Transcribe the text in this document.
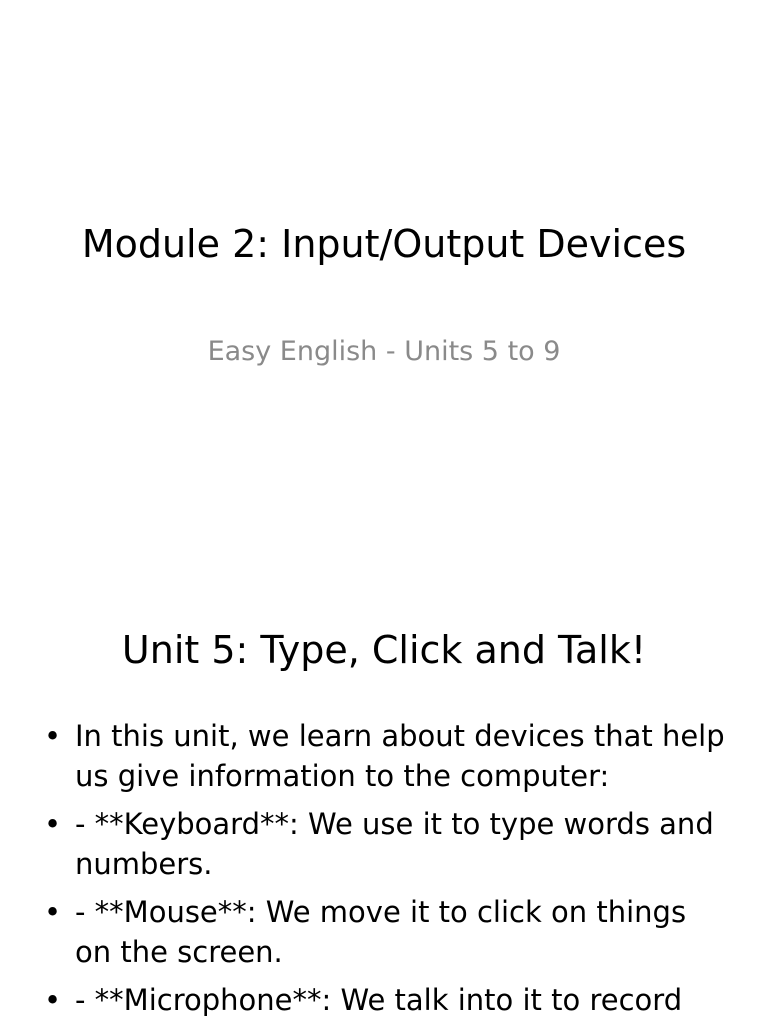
Module 2: Input/Output Devices
Easy English - Units 5 to 9
Unit 5: Type, Click and Talk!
• In this unit, we learn about devices that help us give information to the computer:
• - **Keyboard**: We use it to type words and numbers.
• - **Mouse**: We move it to click on things on the screen.
• - **Microphone**: We talk into it to record
